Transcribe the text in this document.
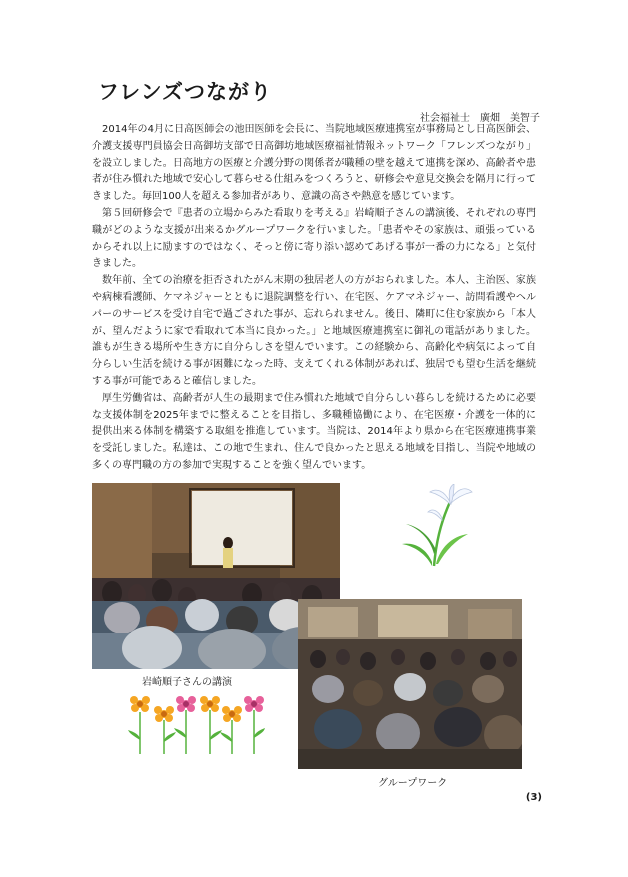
フレンズつながり
社会福祉士　廣畑　美智子

2014年の4月に日高医師会の池田医師を会長に、当院地域医療連携室が事務局とし日高医師会、介護支援専門員協会日高御坊支部で日高御坊地域医療福祉情報ネットワーク「フレンズつながり」を設立しました。日高地方の医療と介護分野の関係者が職種の壁を越えて連携を深め、高齢者や患者が住み慣れた地域で安心して暮らせる仕組みをつくろうと、研修会や意見交換会を隔月に行ってきました。毎回100人を超える参加者があり、意識の高さや熱意を感じています。

第５回研修会で『患者の立場からみた看取りを考える』岩崎順子さんの講演後、それぞれの専門職がどのような支援が出来るかグループワークを行いました。「患者やその家族は、頑張っているからそれ以上に励ますのではなく、そっと傍に寄り添い認めてあげる事が一番の力になる」と気付きました。

数年前、全ての治療を拒否されたがん末期の独居老人の方がおられました。本人、主治医、家族や病棟看護師、ケマネジャーとともに退院調整を行い、在宅医、ケアマネジャー、訪問看護やヘルパーのサービスを受け自宅で過ごされた事が、忘れられません。後日、隣町に住む家族から「本人が、望んだように家で看取れて本当に良かった。」と地域医療連携室に御礼の電話がありました。誰もが生きる場所や生き方に自分らしさを望んでいます。この経験から、高齢化や病気によって自分らしい生活を続ける事が困難になった時、支えてくれる体制があれば、独居でも望む生活を継続する事が可能であると確信しました。

厚生労働省は、高齢者が人生の最期まで住み慣れた地域で自分らしい暮らしを続けるために必要な支援体制を2025年までに整えることを目指し、多職種協働により、在宅医療・介護を一体的に提供出来る体制を構築する取組を推進しています。当院は、2014年より県から在宅医療連携事業を受託しました。私達は、この地で生まれ、住んで良かったと思える地域を目指し、当院や地域の多くの専門職の方の参加で実現することを強く望んでいます。

岩崎順子さんの講演
グループワーク
(3)
